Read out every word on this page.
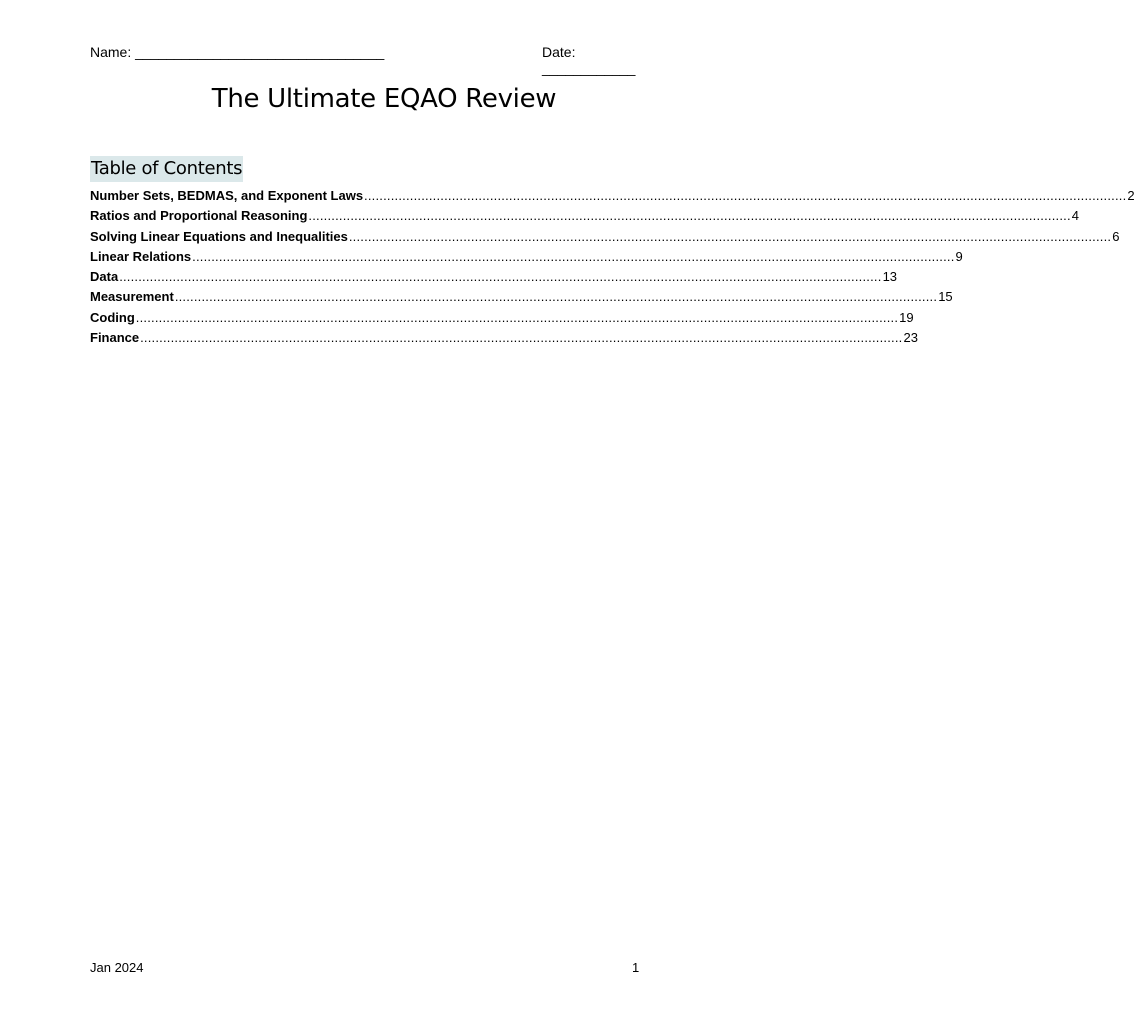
Name: ________________________________	Date: ____________
The Ultimate EQAO Review
Table of Contents
Number Sets, BEDMAS, and Exponent Laws ........................................................................................................................................................................................................ 2
Ratios and Proportional Reasoning ........................................................................................................................................................................................................ 4
Solving Linear Equations and Inequalities ........................................................................................................................................................................................................ 6
Linear Relations ........................................................................................................................................................................................................ 9
Data ........................................................................................................................................................................................................ 13
Measurement ........................................................................................................................................................................................................ 15
Coding ........................................................................................................................................................................................................ 19
Finance ........................................................................................................................................................................................................ 23
Jan 2024	1
